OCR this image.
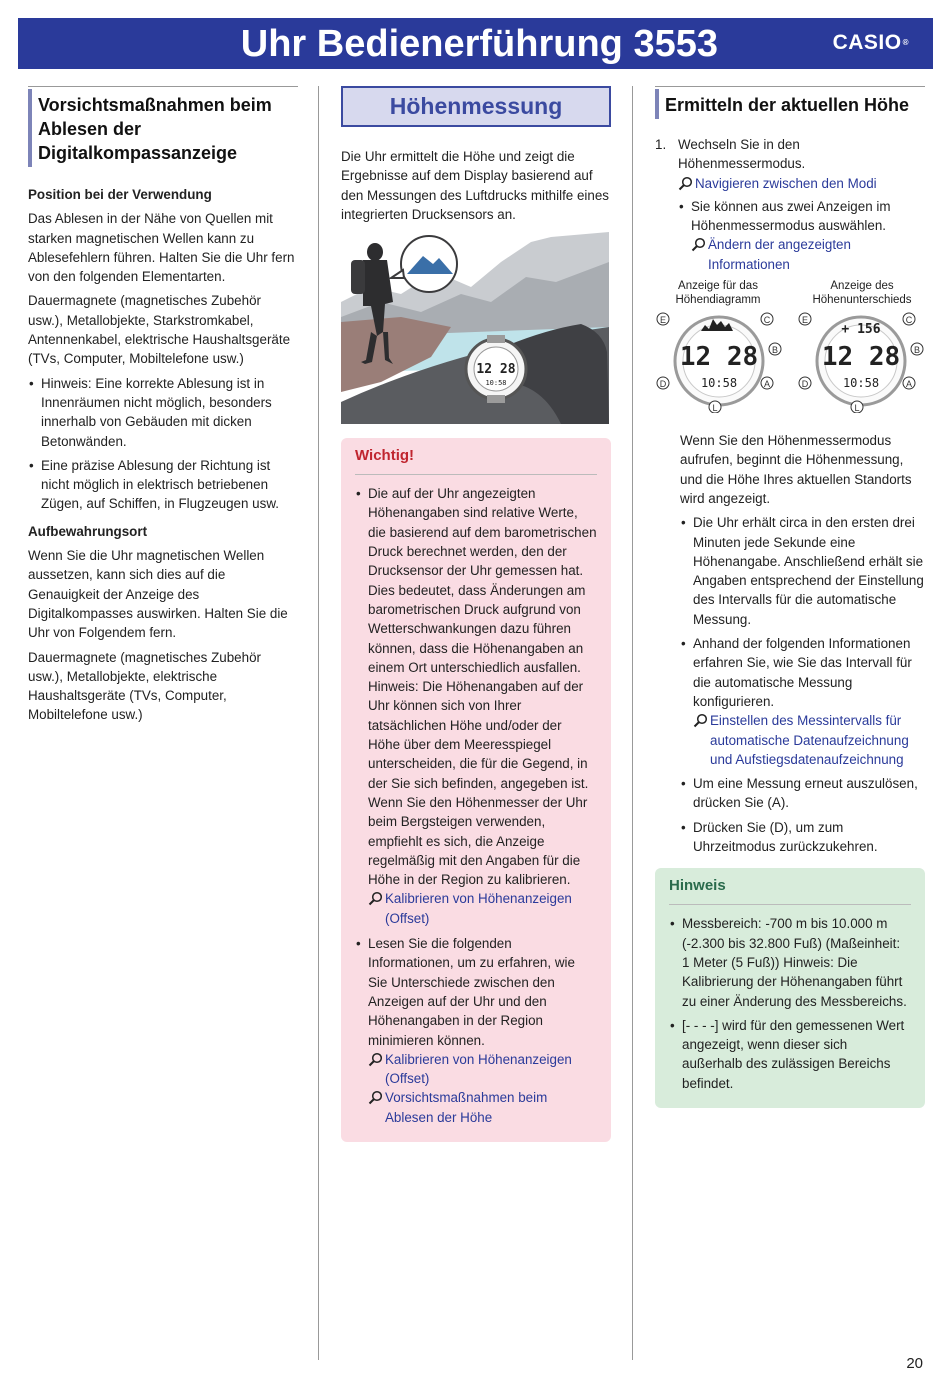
Uhr Bedienerführung 3553	CASIO®
Vorsichtsmaßnahmen beim Ablesen der Digitalkompassanzeige

Position bei der Verwendung

Das Ablesen in der Nähe von Quellen mit starken magnetischen Wellen kann zu Ablesefehlern führen. Halten Sie die Uhr fern von den folgenden Elementarten.

Dauermagnete (magnetisches Zubehör usw.), Metallobjekte, Starkstromkabel, Antennenkabel, elektrische Haushaltsgeräte (TVs, Computer, Mobiltelefone usw.)

• Hinweis: Eine korrekte Ablesung ist in Innenräumen nicht möglich, besonders innerhalb von Gebäuden mit dicken Betonwänden.
• Eine präzise Ablesung der Richtung ist nicht möglich in elektrisch betriebenen Zügen, auf Schiffen, in Flugzeugen usw.

Aufbewahrungsort

Wenn Sie die Uhr magnetischen Wellen aussetzen, kann sich dies auf die Genauigkeit der Anzeige des Digitalkompasses auswirken. Halten Sie die Uhr von Folgendem fern.

Dauermagnete (magnetisches Zubehör usw.), Metallobjekte, elektrische Haushaltsgeräte (TVs, Computer, Mobiltelefone usw.)

Höhenmessung

Die Uhr ermittelt die Höhe und zeigt die Ergebnisse auf dem Display basierend auf den Messungen des Luftdrucks mithilfe eines integrierten Drucksensors an.

12 28
10:58
Wichtig!
• Die auf der Uhr angezeigten Höhenangaben sind relative Werte, die basierend auf dem barometrischen Druck berechnet werden, den der Drucksensor der Uhr gemessen hat. Dies bedeutet, dass Änderungen am barometrischen Druck aufgrund von Wetterschwankungen dazu führen können, dass die Höhenangaben an einem Ort unterschiedlich ausfallen. Hinweis: Die Höhenangaben auf der Uhr können sich von Ihrer tatsächlichen Höhe und/oder der Höhe über dem Meeresspiegel unterscheiden, die für die Gegend, in der Sie sich befinden, angegeben ist. Wenn Sie den Höhenmesser der Uhr beim Bergsteigen verwenden, empfiehlt es sich, die Anzeige regelmäßig mit den Angaben für die Höhe in der Region zu kalibrieren.
Kalibrieren von Höhenanzeigen (Offset)
• Lesen Sie die folgenden Informationen, um zu erfahren, wie Sie Unterschiede zwischen den Anzeigen auf der Uhr und den Höhenangaben in der Region minimieren können.
Kalibrieren von Höhenanzeigen (Offset)
Vorsichtsmaßnahmen beim Ablesen der Höhe
Ermitteln der aktuellen Höhe
1. Wechseln Sie in den Höhenmessermodus.

Navigieren zwischen den Modi
• Sie können aus zwei Anzeigen im Höhenmessermodus auswählen.
Ändern der angezeigten Informationen
Anzeige für das Höhendiagramm
Anzeige des Höhenunterschieds
12 28
10:58
E	C
B
D	A
L
+ 156
12 28
10:58
E	C
B
D	A
L

Wenn Sie den Höhenmessermodus aufrufen, beginnt die Höhenmessung, und die Höhe Ihres aktuellen Standorts wird angezeigt.

• Die Uhr erhält circa in den ersten drei Minuten jede Sekunde eine Höhenangabe. Anschließend erhält sie Angaben entsprechend der Einstellung des Intervalls für die automatische Messung.
• Anhand der folgenden Informationen erfahren Sie, wie Sie das Intervall für die automatische Messung konfigurieren.
Einstellen des Messintervalls für automatische Datenaufzeichnung und Aufstiegsdatenaufzeichnung
• Um eine Messung erneut auszulösen, drücken Sie (A).
• Drücken Sie (D), um zum Uhrzeitmodus zurückzukehren.
Hinweis
• Messbereich: -700 m bis 10.000 m (-2.300 bis 32.800 Fuß) (Maßeinheit: 1 Meter (5 Fuß)) Hinweis: Die Kalibrierung der Höhenangaben führt zu einer Änderung des Messbereichs.
• [- - - -] wird für den gemessenen Wert angezeigt, wenn dieser sich außerhalb des zulässigen Bereichs befindet.
20
